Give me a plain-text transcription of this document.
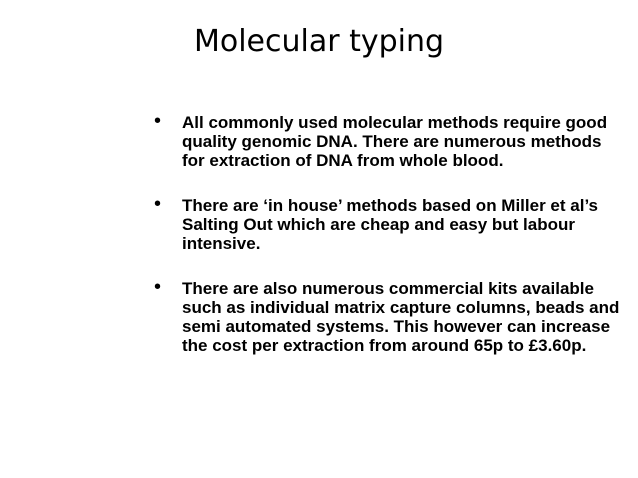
Molecular typing
• All commonly used molecular methods require good quality genomic DNA. There are numerous methods for extraction of DNA from whole blood.
• There are ‘in house’ methods based on Miller et al’s Salting Out which are cheap and easy but labour intensive.
• There are also numerous commercial kits available such as individual matrix capture columns, beads and semi automated systems. This however can increase the cost per extraction from around 65p to £3.60p.
